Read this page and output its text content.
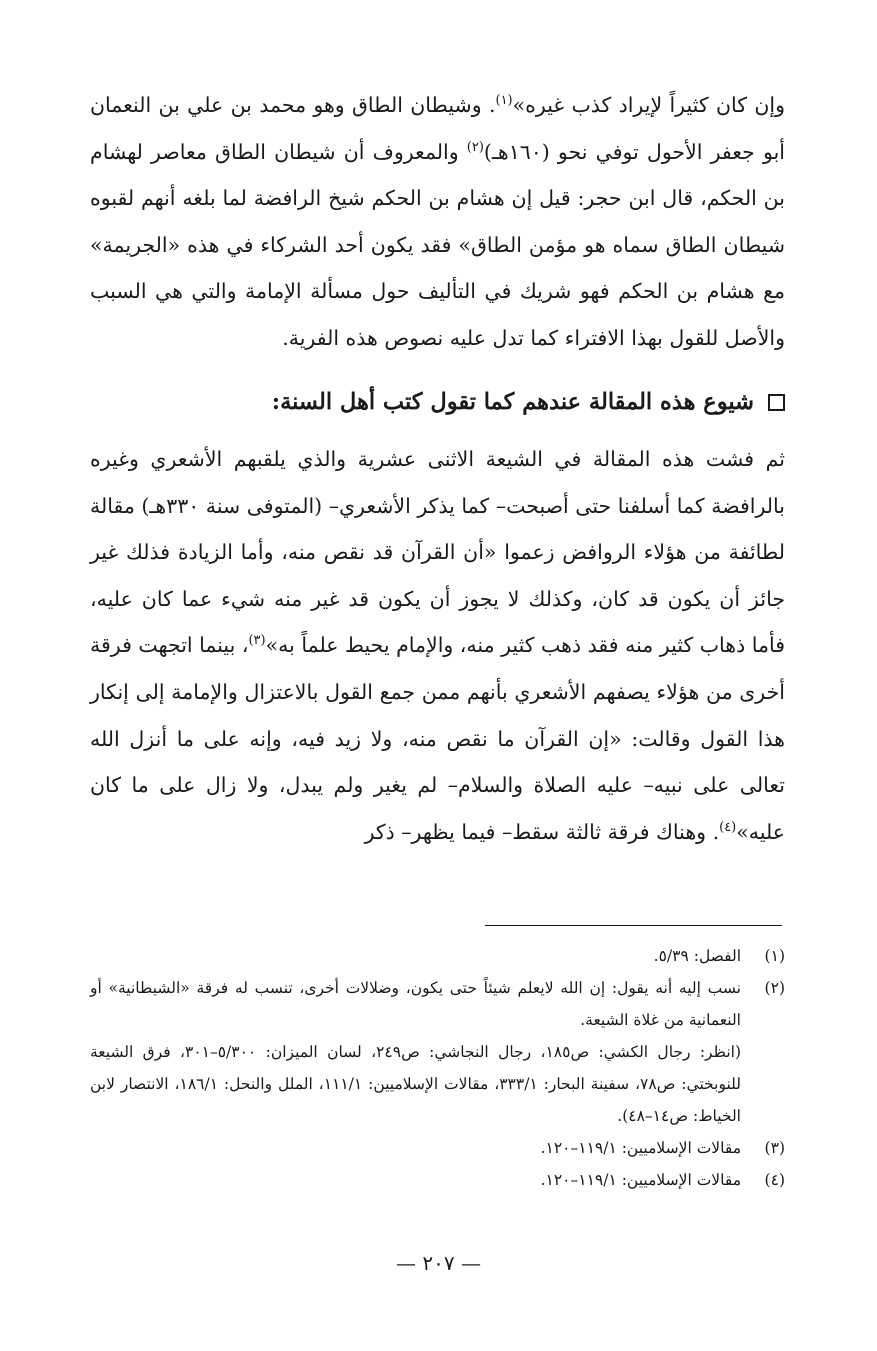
وإن كان كثيراً لإيراد كذب غيره»$^{(١)}$. وشيطان الطاق وهو محمد بن علي بن النعمان أبو جعفر الأحول توفي نحو (١٦٠هـ)$^{(٢)}$ والمعروف أن شيطان الطاق معاصر لهشام بن الحكم، قال ابن حجر: قيل إن هشام بن الحكم شيخ الرافضة لما بلغه أنهم لقبوه شيطان الطاق سماه هو مؤمن الطاق» فقد يكون أحد الشركاء في هذه «الجريمة» مع هشام بن الحكم فهو شريك في التأليف حول مسألة الإمامة والتي هي السبب والأصل للقول بهذا الافتراء كما تدل عليه نصوص هذه الفرية.

شيوع هذه المقالة عندهم كما تقول كتب أهل السنة:

ثم فشت هذه المقالة في الشيعة الاثنى عشرية والذي يلقبهم الأشعري وغيره بالرافضة كما أسلفنا حتى أصبحت– كما يذكر الأشعري– (المتوفى سنة ٣٣٠هـ) مقالة لطائفة من هؤلاء الروافض زعموا «أن القرآن قد نقص منه، وأما الزيادة فذلك غير جائز أن يكون قد كان، وكذلك لا يجوز أن يكون قد غير منه شيء عما كان عليه، فأما ذهاب كثير منه فقد ذهب كثير منه، والإمام يحيط علماً به»$^{(٣)}$، بينما اتجهت فرقة أخرى من هؤلاء يصفهم الأشعري بأنهم ممن جمع القول بالاعتزال والإمامة إلى إنكار هذا القول وقالت: «إن القرآن ما نقص منه، ولا زيد فيه، وإنه على ما أنزل الله تعالى على نبيه– عليه الصلاة والسلام– لم يغير ولم يبدل، ولا زال على ما كان عليه»$^{(٤)}$. وهناك فرقة ثالثة سقط– فيما يظهر– ذكر

(١)
الفصل: ٥/٣٩.
(٢)
نسب إليه أنه يقول: إن الله لايعلم شيئاً حتى يكون، وضلالات أخرى، تنسب له فرقة «الشيطانية» أو النعمانية من غلاة الشيعة.
(انظر: رجال الكشي: ص١٨٥، رجال النجاشي: ص٢٤٩، لسان الميزان: ٥/٣٠٠–٣٠١، فرق الشيعة للنوبختي: ص٧٨، سفينة البحار: ٣٣٣/١، مقالات الإسلاميين: ١١١/١، الملل والنحل: ١٨٦/١، الانتصار لابن الخياط: ص١٤–٤٨).
(٣)
مقالات الإسلاميين: ١١٩/١–١٢٠.
(٤)
مقالات الإسلاميين: ١١٩/١–١٢٠.
— ٢٠٧ —
